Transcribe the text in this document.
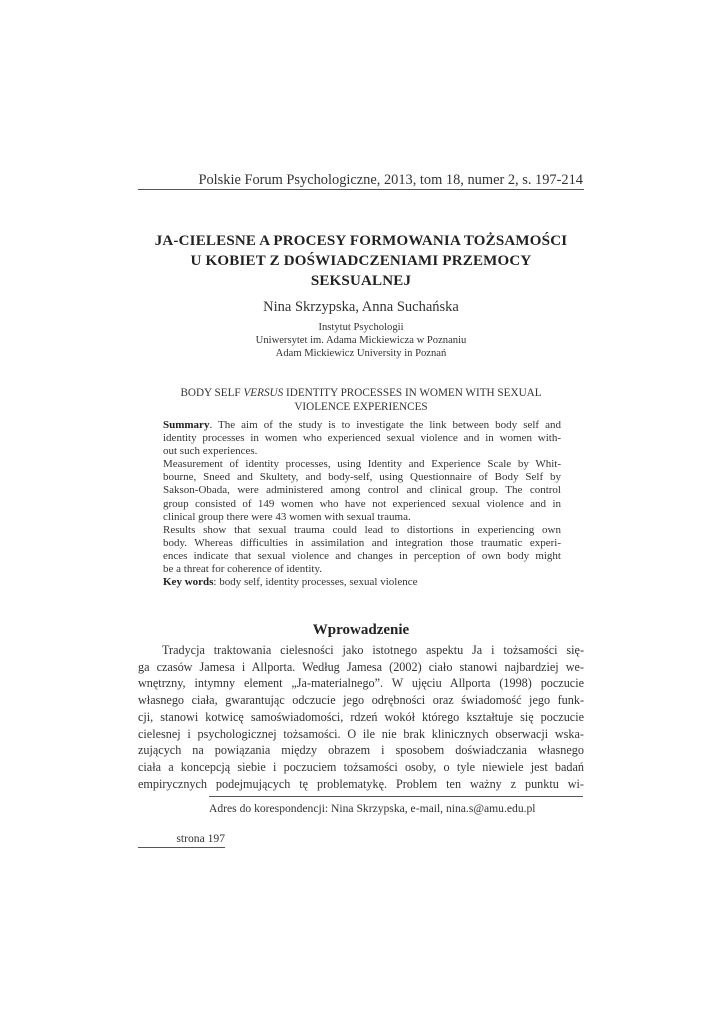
Polskie Forum Psychologiczne, 2013, tom 18, numer 2, s. 197-214
JA-CIELESNE A PROCESY FORMOWANIA TOŻSAMOŚCI
U KOBIET Z DOŚWIADCZENIAMI PRZEMOCY
SEKSUALNEJ
Nina Skrzypska, Anna Suchańska
Instytut Psychologii
Uniwersytet im. Adama Mickiewicza w Poznaniu
Adam Mickiewicz University in Poznań
BODY SELF VERSUS IDENTITY PROCESSES IN WOMEN WITH SEXUAL
VIOLENCE EXPERIENCES
Summary. The aim of the study is to investigate the link between body self and
identity processes in women who experienced sexual violence and in women with-
out such experiences.
Measurement of identity processes, using Identity and Experience Scale by Whit-
bourne, Sneed and Skultety, and body-self, using Questionnaire of Body Self by
Sakson-Obada, were administered among control and clinical group. The control
group consisted of 149 women who have not experienced sexual violence and in
clinical group there were 43 women with sexual trauma.
Results show that sexual trauma could lead to distortions in experiencing own
body. Whereas difficulties in assimilation and integration those traumatic experi-
ences indicate that sexual violence and changes in perception of own body might
be a threat for coherence of identity.
Key words: body self, identity processes, sexual violence
Wprowadzenie
Tradycja traktowania cielesności jako istotnego aspektu Ja i tożsamości się-
ga czasów Jamesa i Allporta. Według Jamesa (2002) ciało stanowi najbardziej we-
wnętrzny, intymny element „Ja-materialnego”. W ujęciu Allporta (1998) poczucie
własnego ciała, gwarantując odczucie jego odrębności oraz świadomość jego funk-
cji, stanowi kotwicę samoświadomości, rdzeń wokół którego kształtuje się poczucie
cielesnej i psychologicznej tożsamości. O ile nie brak klinicznych obserwacji wska-
zujących na powiązania między obrazem i sposobem doświadczania własnego
ciała a koncepcją siebie i poczuciem tożsamości osoby, o tyle niewiele jest badań
empirycznych podejmujących tę problematykę. Problem ten ważny z punktu wi-
Adres do korespondencji: Nina Skrzypska, e-mail, nina.s@amu.edu.pl
strona 197
